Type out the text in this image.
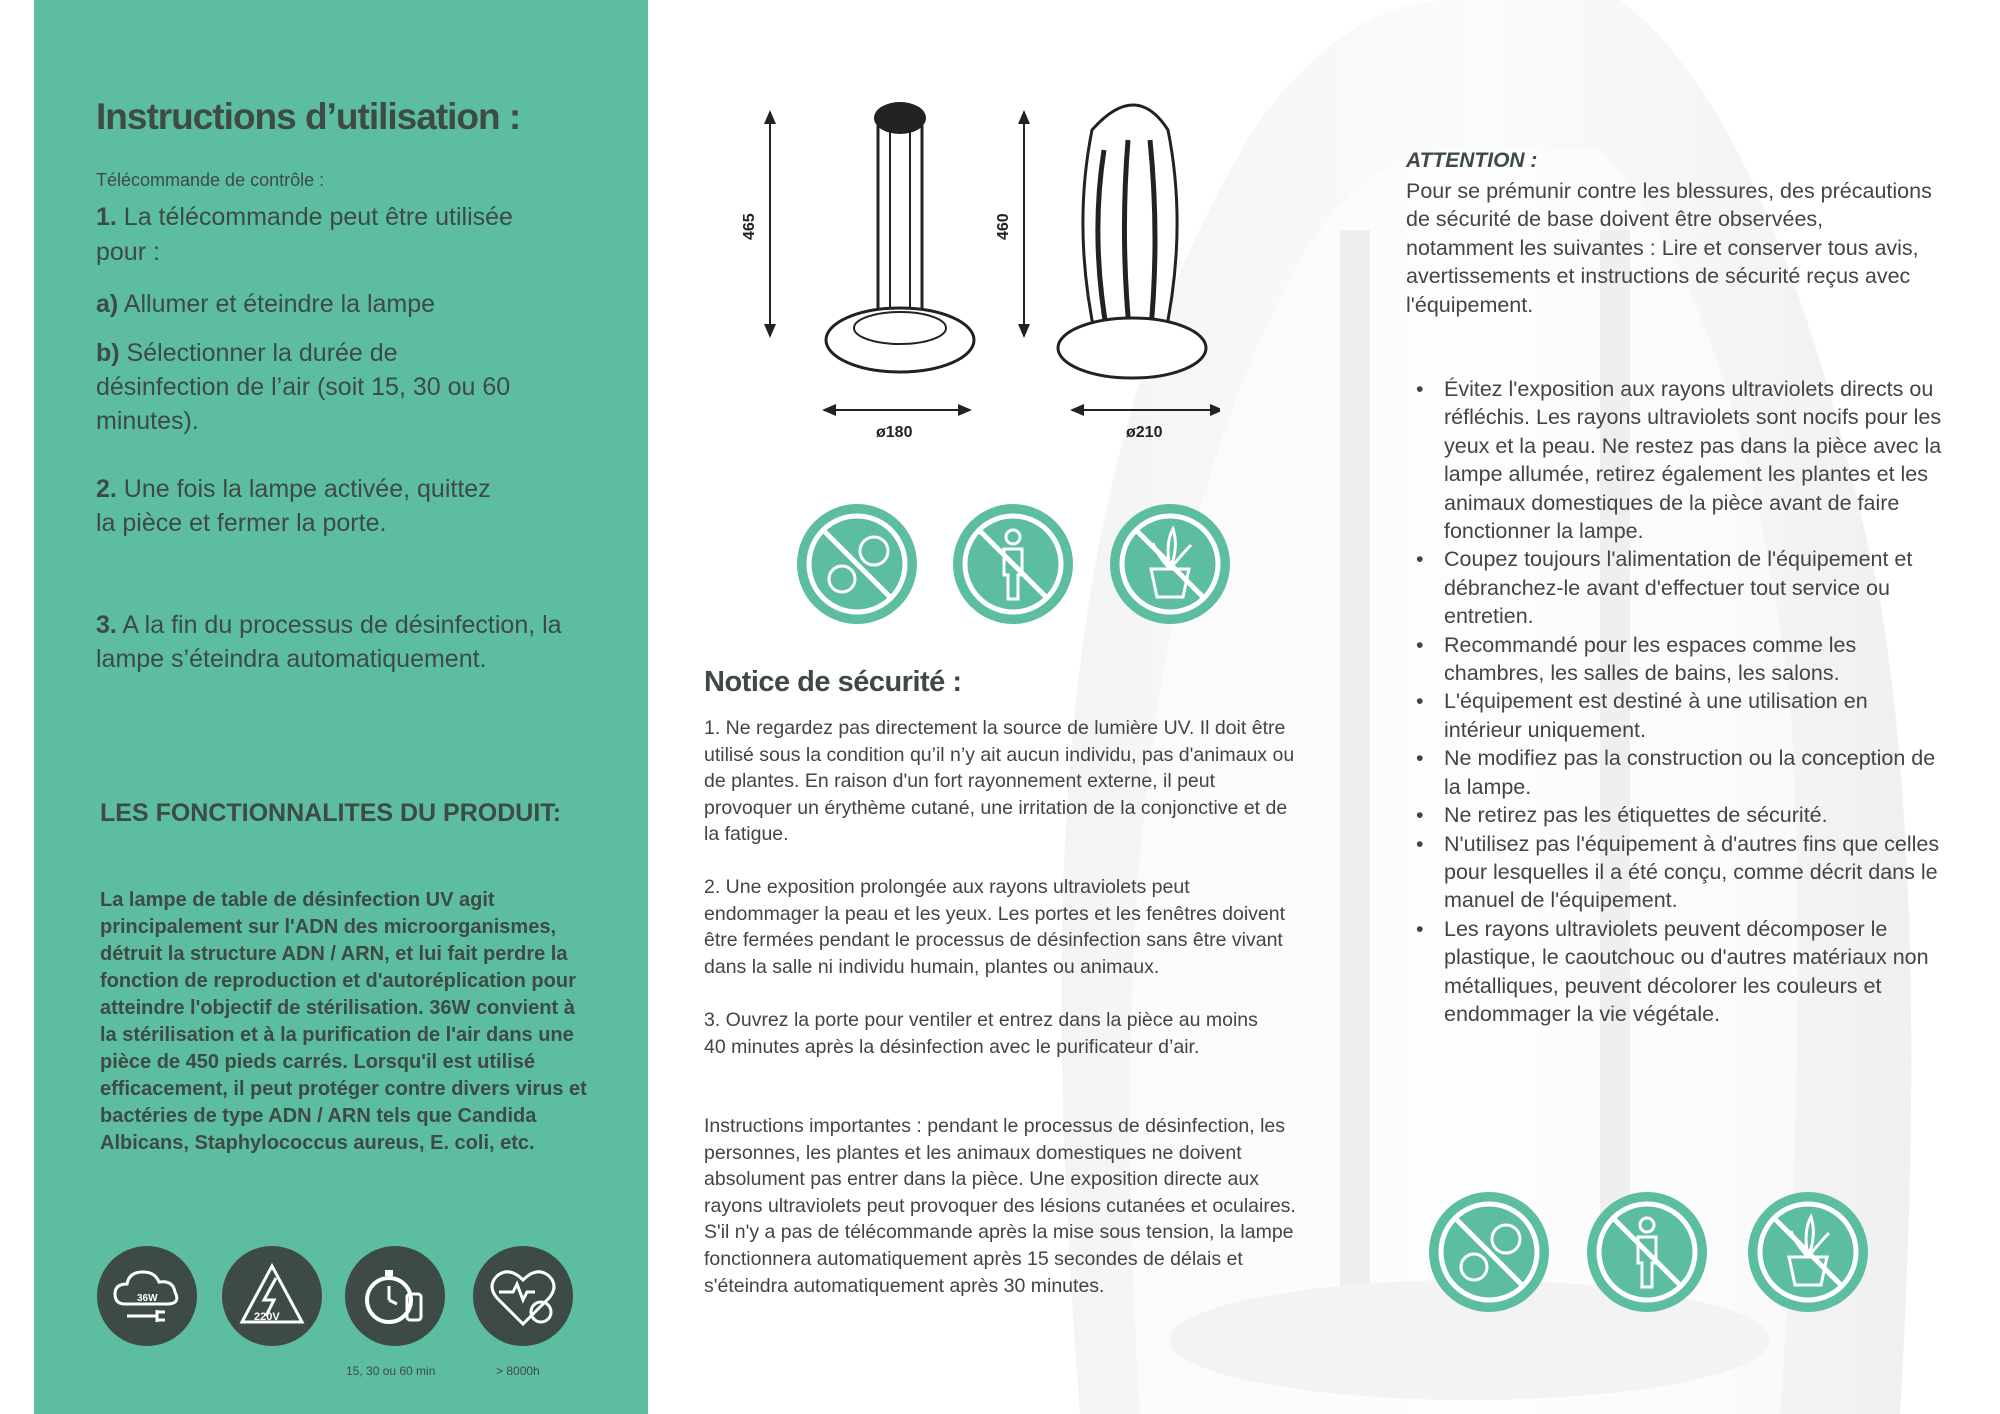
Instructions d’utilisation :
Télécommande de contrôle :
1. La télécommande peut être utilisée pour :
a) Allumer et éteindre la lampe
b) Sélectionner la durée de désinfection de l’air (soit 15, 30 ou 60 minutes).
2. Une fois la lampe activée, quittez la pièce et fermer la porte.
3. A la fin du processus de désinfection, la lampe s’éteindra automatiquement.
LES FONCTIONNALITES DU PRODUIT:
La lampe de table de désinfection UV agit principalement sur l'ADN des microorganismes, détruit la structure ADN / ARN, et lui fait perdre la fonction de reproduction et d'autoréplication pour atteindre l'objectif de stérilisation. 36W convient à la stérilisation et à la purification de l'air dans une pièce de 450 pieds carrés. Lorsqu'il est utilisé efficacement, il peut protéger contre divers virus et bactéries de type ADN / ARN tels que Candida Albicans, Staphylococcus aureus, E. coli, etc.
36W
220V
15, 30 ou 60 min	> 8000h
465
ø180
460
ø210
Notice de sécurité :
1. Ne regardez pas directement la source de lumière UV. Il doit être utilisé sous la condition qu’il n’y ait aucun individu, pas d'animaux ou de plantes. En raison d'un fort rayonnement externe, il peut provoquer un érythème cutané, une irritation de la conjonctive et de la fatigue.
2. Une exposition prolongée aux rayons ultraviolets peut endommager la peau et les yeux. Les portes et les fenêtres doivent être fermées pendant le processus de désinfection sans être vivant dans la salle ni individu humain, plantes ou animaux.
3. Ouvrez la porte pour ventiler et entrez dans la pièce au moins 40 minutes après la désinfection avec le purificateur d’air.
Instructions importantes : pendant le processus de désinfection, les personnes, les plantes et les animaux domestiques ne doivent absolument pas entrer dans la pièce. Une exposition directe aux rayons ultraviolets peut provoquer des lésions cutanées et oculaires. S'il n'y a pas de télécommande après la mise sous tension, la lampe fonctionnera automatiquement après 15 secondes de délais et s'éteindra automatiquement après 30 minutes.
ATTENTION :
Pour se prémunir contre les blessures, des précautions de sécurité de base doivent être observées, notamment les suivantes : Lire et conserver tous avis, avertissements et instructions de sécurité reçus avec l'équipement.
• Évitez l'exposition aux rayons ultraviolets directs ou réfléchis. Les rayons ultraviolets sont nocifs pour les yeux et la peau. Ne restez pas dans la pièce avec la lampe allumée, retirez également les plantes et les animaux domestiques de la pièce avant de faire fonctionner la lampe.
• Coupez toujours l'alimentation de l'équipement et débranchez-le avant d'effectuer tout service ou entretien.
• Recommandé pour les espaces comme les chambres, les salles de bains, les salons.
• L'équipement est destiné à une utilisation en intérieur uniquement.
• Ne modifiez pas la construction ou la conception de la lampe.
• Ne retirez pas les étiquettes de sécurité.
• N'utilisez pas l'équipement à d'autres fins que celles pour lesquelles il a été conçu, comme décrit dans le manuel de l'équipement.
• Les rayons ultraviolets peuvent décomposer le plastique, le caoutchouc ou d'autres matériaux non métalliques, peuvent décolorer les couleurs et endommager la vie végétale.
